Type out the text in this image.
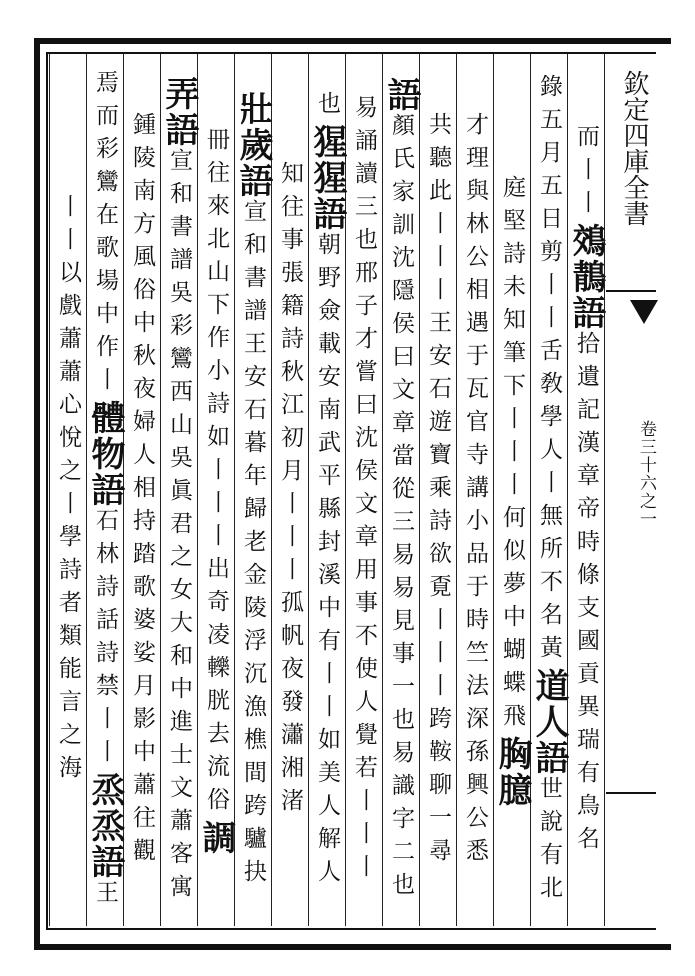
而丨丨鵁鶄語拾遺記漢章帝時條支國貢異瑞有鳥名
錄五月五日剪丨丨舌敎學人丨無所不名黃道人語世說有北
庭堅詩未知筆下丨丨丨何似夢中蝴蝶飛胸臆
才理與林公相遇于瓦官寺講小品于時竺法深孫興公悉
共聽此丨丨丨王安石遊寶乘詩欲覔丨丨丨跨鞍聊一尋
語顏氏家訓沈隱侯曰文章當從三易易見事一也易識字二也
易誦讀三也邢子才嘗曰沈侯文章用事不使人覺若丨丨丨
也猩猩語朝野僉載安南武平縣封溪中有丨丨如美人解人
知往事張籍詩秋江初月丨丨丨孤帆夜發瀟湘渚
壯歲語宣和書譜王安石暮年歸老金陵浮沉漁樵間跨驢抉
冊往來北山下作小詩如丨丨丨出奇凌轢胱去流俗調
弄語宣和書譜吳彩鸞西山吳眞君之女大和中進士文蕭客寓
鍾陵南方風俗中秋夜婦人相持踏歌婆娑月影中蕭往觀
焉而彩鸞在歌場中作丨體物語石林詩話詩禁丨丨烝烝語王
丨丨以戲蕭蕭心悅之丨學詩者類能言之海
欽定四庫全書
卷三十六之一
